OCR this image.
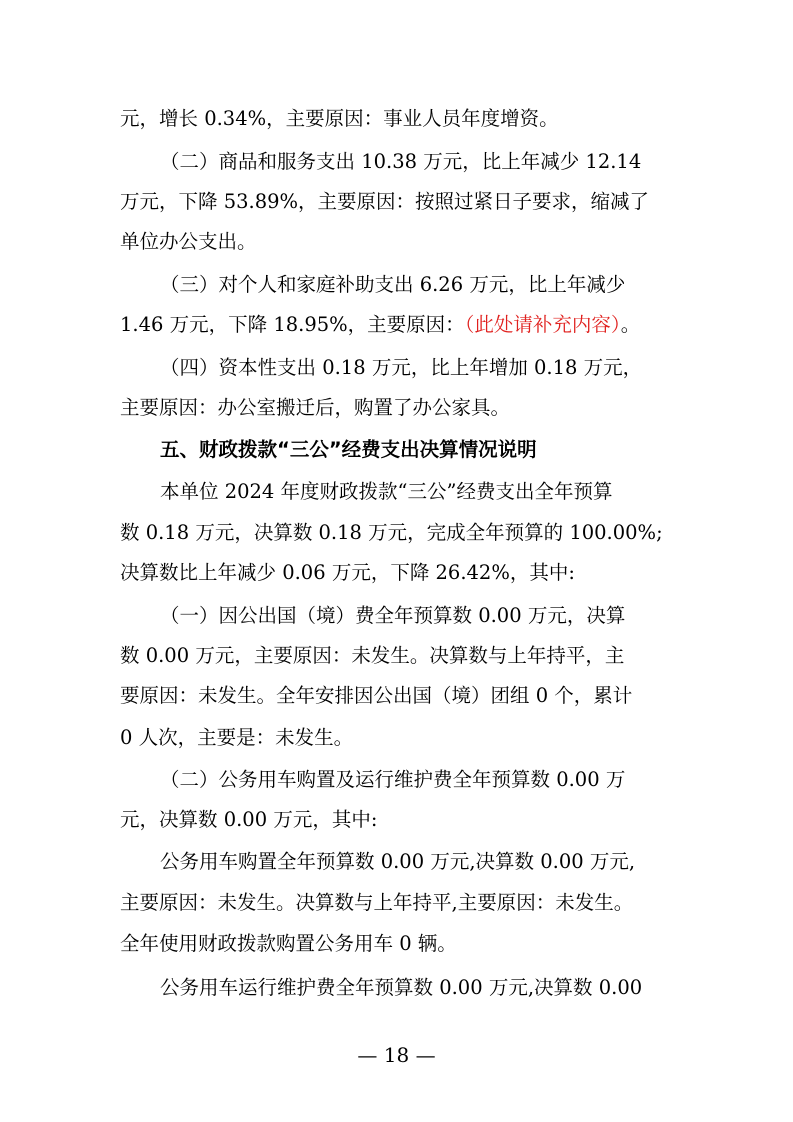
元，增长 0.34%，主要原因：事业人员年度增资。
（二）商品和服务支出 10.38 万元，比上年减少 12.14
万元，下降 53.89%，主要原因：按照过紧日子要求，缩减了
单位办公支出。
（三）对个人和家庭补助支出 6.26 万元，比上年减少
1.46 万元，下降 18.95%，主要原因：（此处请补充内容）。
（四）资本性支出 0.18 万元，比上年增加 0.18 万元，
主要原因：办公室搬迁后，购置了办公家具。
五、财政拨款“三公”经费支出决算情况说明
本单位 2024 年度财政拨款“三公”经费支出全年预算
数 0.18 万元，决算数 0.18 万元，完成全年预算的 100.00%;
决算数比上年减少 0.06 万元，下降 26.42%，其中:
（一）因公出国（境）费全年预算数 0.00 万元，决算
数 0.00 万元，主要原因：未发生。决算数与上年持平，主
要原因：未发生。全年安排因公出国（境）团组 0 个，累计
0 人次，主要是：未发生。
（二）公务用车购置及运行维护费全年预算数 0.00 万
元，决算数 0.00 万元，其中:
公务用车购置全年预算数 0.00 万元,决算数 0.00 万元,
主要原因：未发生。决算数与上年持平,主要原因：未发生。
全年使用财政拨款购置公务用车 0 辆。
公务用车运行维护费全年预算数 0.00 万元,决算数 0.00
— 18 —
